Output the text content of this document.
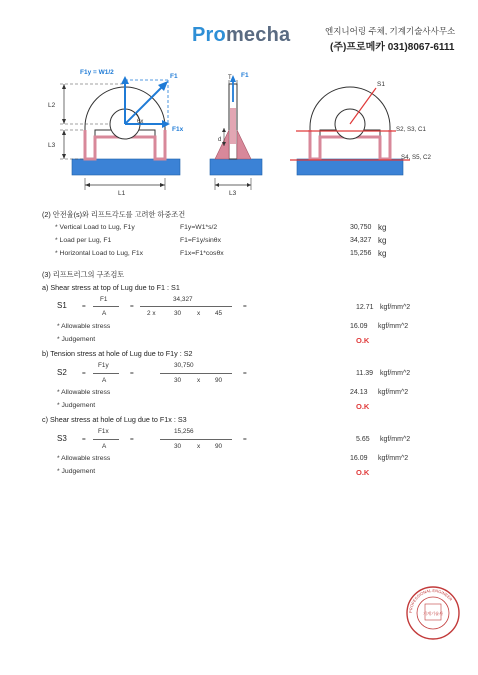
Promecha	엔지니어링 주체, 기계기술사사무소
(주)프로메카 031)8067-6111
F1y = W1/2
F1
F1x
θx
L2
L3
L1
T F1
d
L3
S1
S2, S3, C1
S4, S5, C2
(2) 안전율(s)와 리프트각도를 고려한 하중조건
* Vertical Load to Lug, F1y	F1y=W1*s/2	30,750 kg
* Load per Lug, F1	F1=F1y/sinθx	34,327 kg
* Horizontal Load to Lug, F1x	F1x=F1*cosθx	15,256 kg
(3) 리프트러그의 구조검토
a) Shear stress at top of Lug due to F1 : S1
S1 =
F1
A
=
34,327
2 x	30 x 45
=	12.71 kgf/mm^2
* Allowable stress	16.09 kgf/mm^2
* Judgement	O.K
b) Tension stress at hole of Lug due to F1y : S2
S2 =
F1y
A
=
30,750
30 x 90
=	11.39 kgf/mm^2
* Allowable stress	24.13 kgf/mm^2
* Judgement	O.K
c) Shear stress at hole of Lug due to F1x : S3
S3 =
F1x
A
=
15,256
30 x 90
=	5.65 kgf/mm^2
* Allowable stress	16.09 kgf/mm^2
* Judgement	O.K
PROFESSIONAL ENGINEER
기계기술사
